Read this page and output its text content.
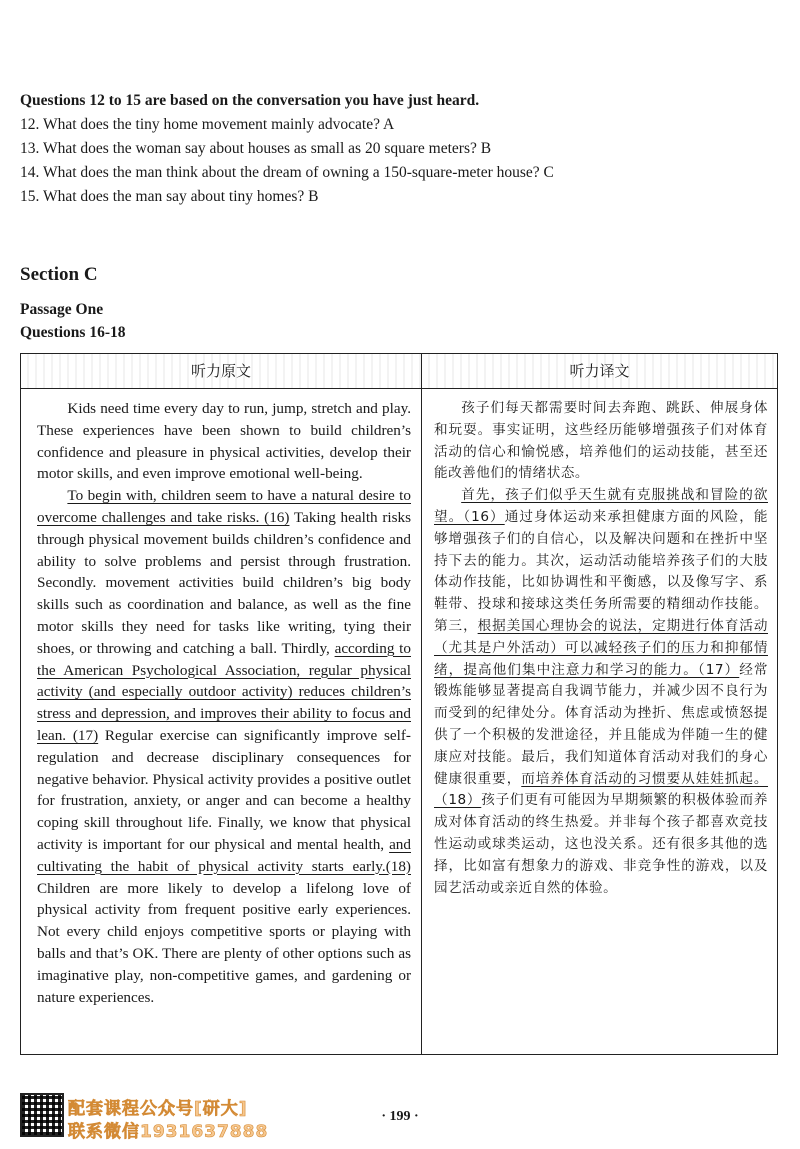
Questions 12 to 15 are based on the conversation you have just heard.
12. What does the tiny home movement mainly advocate? A
13. What does the woman say about houses as small as 20 square meters? B
14. What does the man think about the dream of owning a 150-square-meter house? C
15. What does the man say about tiny homes? B
Section C
Passage One
Questions 16-18
听力原文	听力译文

Kids need time every day to run, jump, stretch and play. These experiences have been shown to build children’s confidence and pleasure in physical activities, develop their motor skills, and even improve emotional well-being.

To begin with, children seem to have a natural desire to overcome challenges and take risks. (16) Taking health risks through physical movement builds children’s confidence and ability to solve problems and persist through frustration. Secondly. movement activities build children’s big body skills such as coordination and balance, as well as the fine motor skills they need for tasks like writing, tying their shoes, or throwing and catching a ball. Thirdly, according to the American Psychological Association, regular physical activity (and especially outdoor activity) reduces children’s stress and depression, and improves their ability to focus and lean. (17) Regular exercise can significantly improve self-regulation and decrease disciplinary consequences for negative behavior. Physical activity provides a positive outlet for frustration, anxiety, or anger and can become a healthy coping skill throughout life. Finally, we know that physical activity is important for our physical and mental health, and cultivating the habit of physical activity starts early.(18) Children are more likely to develop a lifelong love of physical activity from frequent positive early experiences. Not every child enjoys competitive sports or playing with balls and that’s OK. There are plenty of other options such as imaginative play, non-competitive games, and gardening or nature experiences.

孩子们每天都需要时间去奔跑、跳跃、伸展身体和玩耍。事实证明，这些经历能够增强孩子们对体育活动的信心和愉悦感，培养他们的运动技能，甚至还能改善他们的情绪状态。

首先，孩子们似乎天生就有克服挑战和冒险的欲望。（16）通过身体运动来承担健康方面的风险，能够增强孩子们的自信心，以及解决问题和在挫折中坚持下去的能力。其次，运动活动能培养孩子们的大肢体动作技能，比如协调性和平衡感，以及像写字、系鞋带、投球和接球这类任务所需要的精细动作技能。第三，根据美国心理协会的说法，定期进行体育活动（尤其是户外活动）可以减轻孩子们的压力和抑郁情绪，提高他们集中注意力和学习的能力。（17）经常锻炼能够显著提高自我调节能力，并减少因不良行为而受到的纪律处分。体育活动为挫折、焦虑或愤怒提供了一个积极的发泄途径，并且能成为伴随一生的健康应对技能。最后，我们知道体育活动对我们的身心健康很重要，而培养体育活动的习惯要从娃娃抓起。（18）孩子们更有可能因为早期频繁的积极体验而养成对体育活动的终生热爱。并非每个孩子都喜欢竞技性运动或球类运动，这也没关系。还有很多其他的选择，比如富有想象力的游戏、非竞争性的游戏，以及园艺活动或亲近自然的体验。

· 199 ·
配套课程公众号[研大]
联系微信1931637888
